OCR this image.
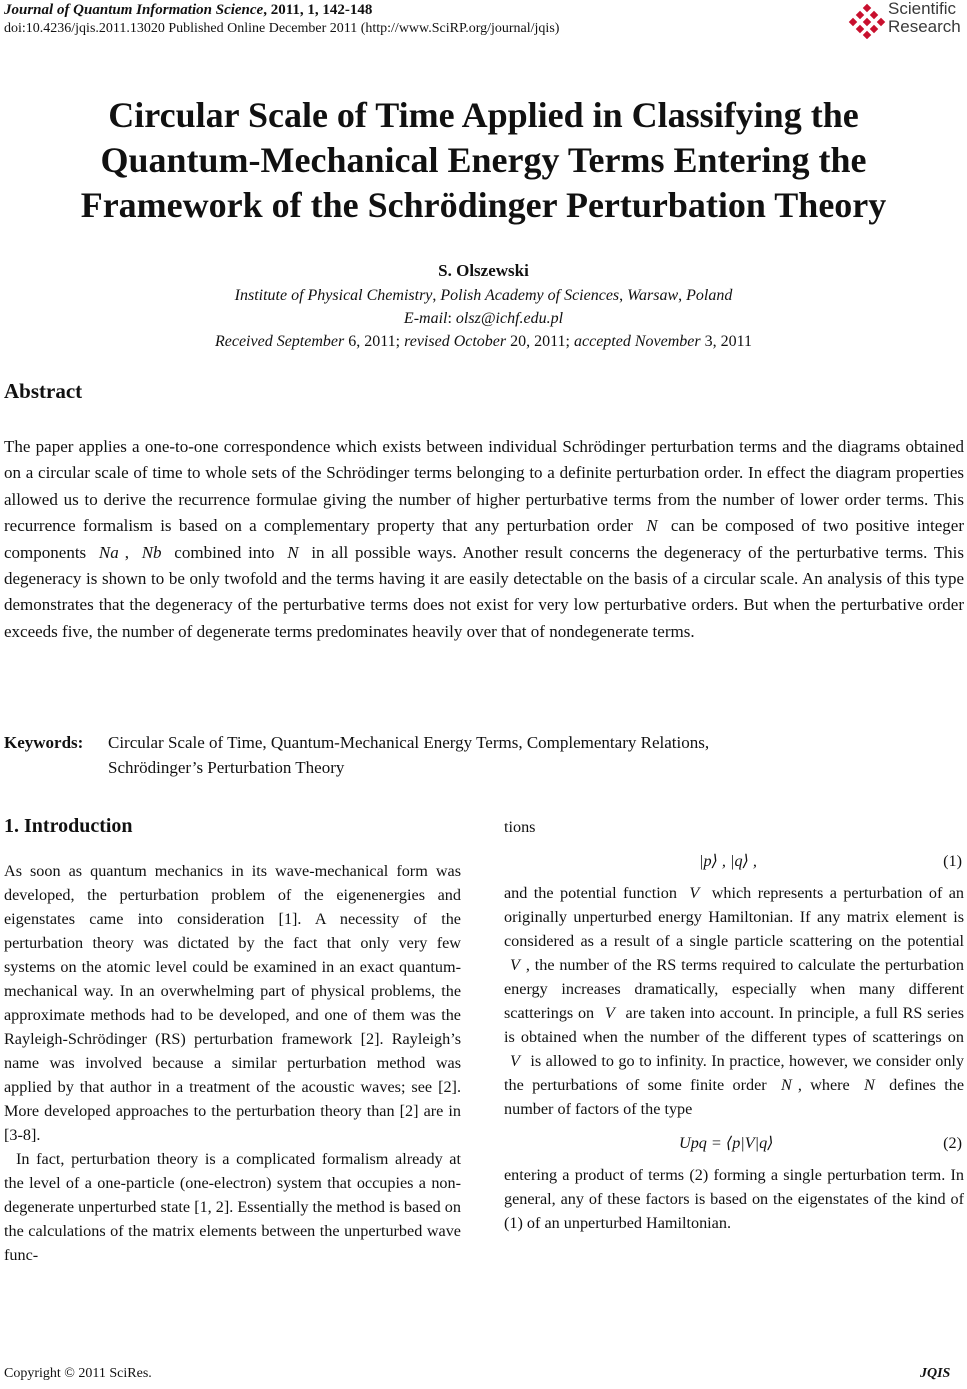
Journal of Quantum Information Science, 2011, 1, 142-148
doi:10.4236/jqis.2011.13020 Published Online December 2011 (http://www.SciRP.org/journal/jqis)
Scientific
Research
Circular Scale of Time Applied in Classifying the
Quantum-Mechanical Energy Terms Entering the
Framework of the Schrödinger Perturbation Theory
S. Olszewski
Institute of Physical Chemistry, Polish Academy of Sciences, Warsaw, Poland
E-mail: olsz@ichf.edu.pl
Received September 6, 2011; revised October 20, 2011; accepted November 3, 2011
Abstract
The paper applies a one-to-one correspondence which exists between individual Schrödinger perturbation terms and the diagrams obtained on a circular scale of time to whole sets of the Schrödinger terms belonging to a definite perturbation order. In effect the diagram properties allowed us to derive the recurrence formulae giving the number of higher perturbative terms from the number of lower order terms. This recurrence formalism is based on a complementary property that any perturbation order N can be composed of two positive integer components Na , Nb combined into N in all possible ways. Another result concerns the degeneracy of the perturbative terms. This degeneracy is shown to be only twofold and the terms having it are easily detectable on the basis of a circular scale. An analysis of this type demonstrates that the degeneracy of the perturbative terms does not exist for very low perturbative orders. But when the perturbative order exceeds five, the number of degenerate terms predominates heavily over that of nondegenerate terms.
Keywords: Circular Scale of Time, Quantum-Mechanical Energy Terms, Complementary Relations,
Schrödinger’s Perturbation Theory
1. Introduction

As soon as quantum mechanics in its wave-mechanical form was developed, the perturbation problem of the eigenenergies and eigenstates came into consideration [1]. A necessity of the perturbation theory was dictated by the fact that only very few systems on the atomic level could be examined in an exact quantum-mechanical way. In an overwhelming part of physical problems, the approximate methods had to be developed, and one of them was the Rayleigh-Schrödinger (RS) perturbation framework [2]. Rayleigh’s name was involved because a similar perturbation method was applied by that author in a treatment of the acoustic waves; see [2]. More developed approaches to the perturbation theory than [2] are in [3-8].

In fact, perturbation theory is a complicated formalism already at the level of a one-particle (one-electron) system that occupies a non-degenerate unperturbed state [1, 2]. Essentially the method is based on the calculations of the matrix elements between the unperturbed wave func-

tions

|p⟩ , |q⟩ ,	(1)

and the potential function V which represents a perturbation of an originally unperturbed energy Hamiltonian. If any matrix element is considered as a result of a single particle scattering on the potential V , the number of the RS terms required to calculate the perturbation energy increases dramatically, especially when many different scatterings on V are taken into account. In principle, a full RS series is obtained when the number of the different types of scatterings on V is allowed to go to infinity. In practice, however, we consider only the perturbations of some finite order N , where N defines the number of factors of the type

Upq = ⟨p|V|q⟩	(2)

entering a product of terms (2) forming a single perturbation term. In general, any of these factors is based on the eigenstates of the kind of (1) of an unperturbed Hamiltonian.

Copyright © 2011 SciRes.	JQIS
